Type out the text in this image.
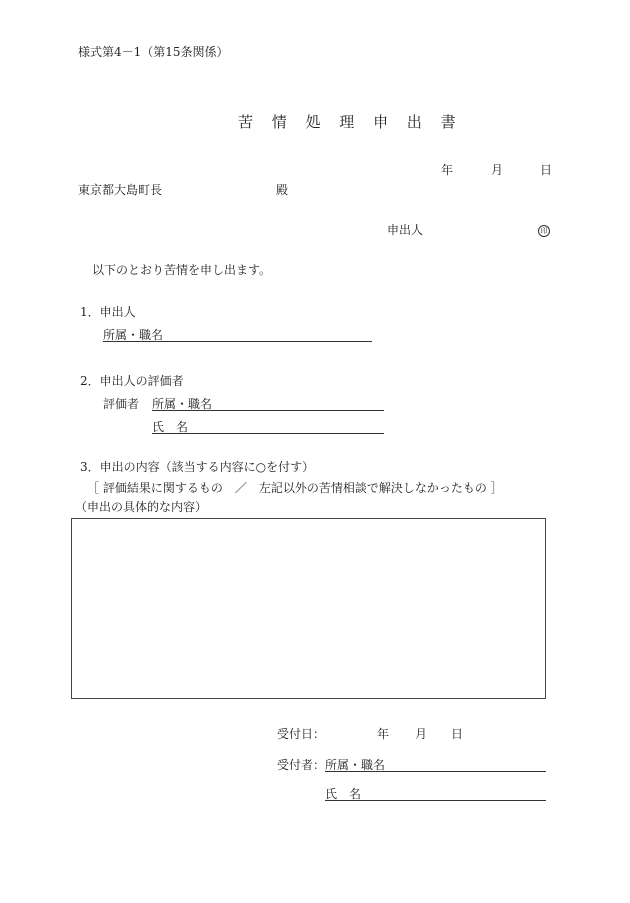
様式第4－1（第15条関係）
苦 情 処 理 申 出 書
年	月	日
東京都大島町長	殿
申出人	印
以下のとおり苦情を申し出ます。
1．申出人
所属・職名
2．申出人の評価者
評価者 所属・職名
氏　名
3．申出の内容（該当する内容に○を付す）
［ 評価結果に関するもの　／　左記以外の苦情相談で解決しなかったもの ］
（申出の具体的な内容）
受付日：	年 月 日
受付者： 所属・職名
氏　名
